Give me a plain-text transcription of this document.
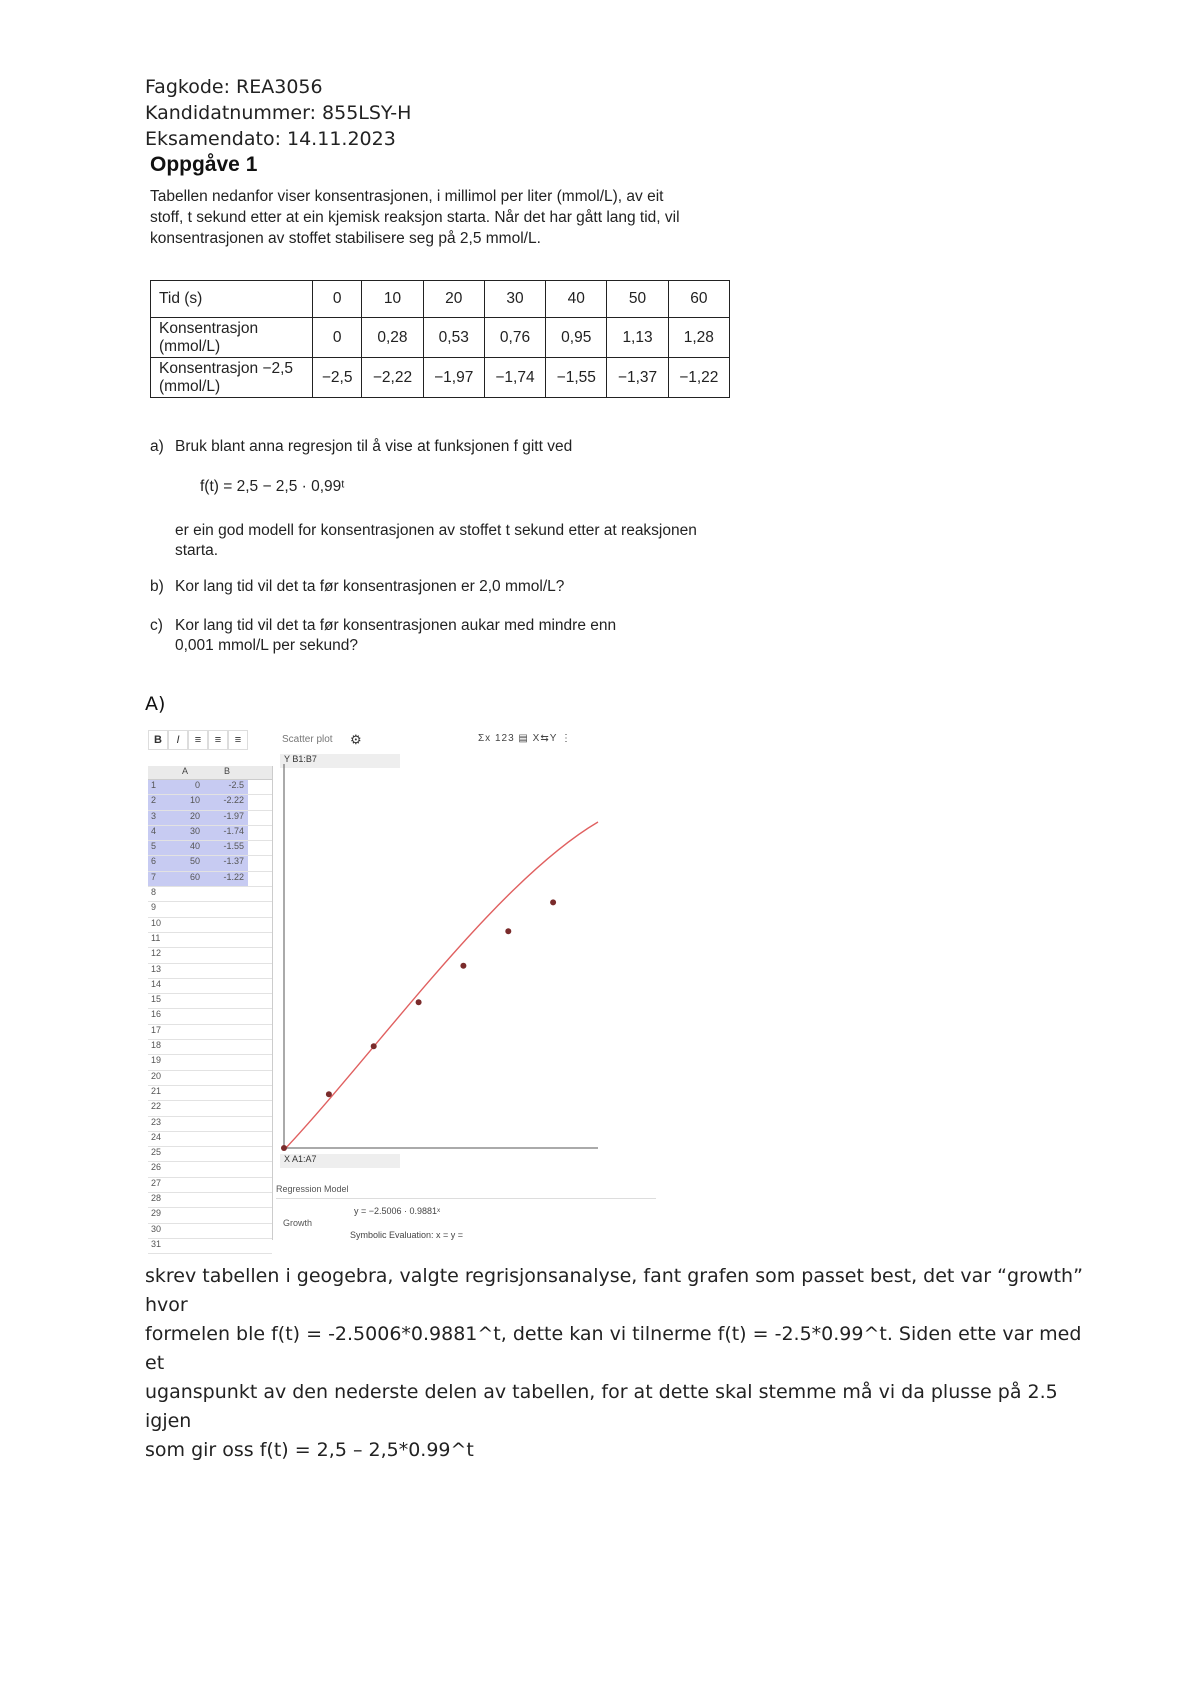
Fagkode: REA3056
Kandidatnummer: 855LSY-H
Eksamendato: 14.11.2023
Oppgåve 1
Tabellen nedanfor viser konsentrasjonen, i millimol per liter (mmol/L), av eit
stoff, t sekund etter at ein kjemisk reaksjon starta. Når det har gått lang tid, vil
konsentrasjonen av stoffet stabilisere seg på 2,5 mmol/L.
Tid (s)	0	10	20	30	40	50	60

Konsentrasjon
(mmol/L)	0	0,28	0,53	0,76	0,95	1,13	1,28

Konsentrasjon −2,5
(mmol/L)	−2,5	−2,22	−1,97	−1,74	−1,55	−1,37	−1,22
a) Bruk blant anna regresjon til å vise at funksjonen f gitt ved
f(t) = 2,5 − 2,5 · 0,99ᵗ
er ein god modell for konsentrasjonen av stoffet t sekund etter at reaksjonen
starta.
b) Kor lang tid vil det ta før konsentrasjonen er 2,0 mmol/L?
c) Kor lang tid vil det ta før konsentrasjonen aukar med mindre enn
0,001 mmol/L per sekund?
A)
B	I	≡	≡	≡
A	B
1	0	-2.5
2	10	-2.22
3	20	-1.97
4	30	-1.74
5	40	-1.55
6	50	-1.37
7	60	-1.22
8
9
10
11
12
13
14
15
16
17
18
19
20
21
22
23
24
25
26
27
28
29
30
31
Scatter plot ⚙	Σx 123 ▤ X⇆Y ⋮
Y B1:B7
X A1:A7
Regression Model
y = −2.5006 · 0.9881ˣ
Growth
Symbolic Evaluation: x = y =
skrev tabellen i geogebra, valgte regrisjonsanalyse, fant grafen som passet best, det var “growth” hvor
formelen ble f(t) = -2.5006*0.9881^t, dette kan vi tilnerme f(t) = -2.5*0.99^t. Siden ette var med et
uganspunkt av den nederste delen av tabellen, for at dette skal stemme må vi da plusse på 2.5 igjen
som gir oss f(t) = 2,5 – 2,5*0.99^t
